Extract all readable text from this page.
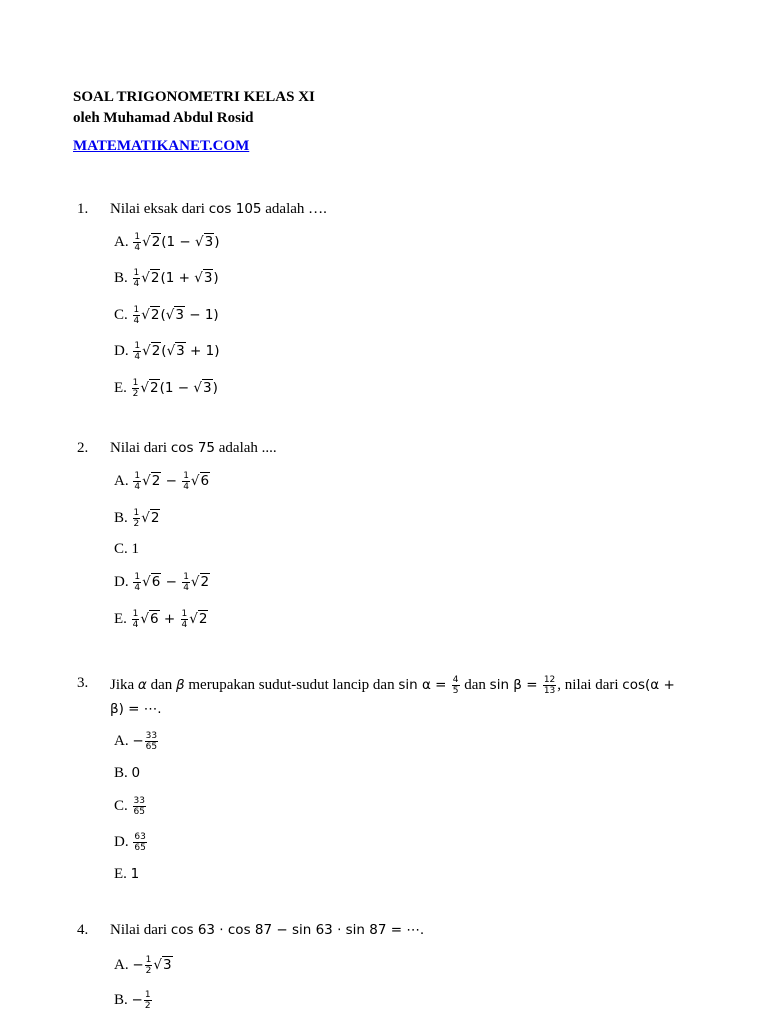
SOAL TRIGONOMETRI KELAS XI
oleh Muhamad Abdul Rosid
MATEMATIKANET.COM
1. Nilai eksak dari cos 105 adalah ….
A. $\frac{1}{4} √2(1 - √3)$
B. $\frac{1}{4} √2(1 + √3)$
C. $\frac{1}{4} √2(√3 - 1)$
D. $\frac{1}{4} √2(√3 + 1)$
E. $\frac{1}{2} √2(1 - √3)$
2. Nilai dari cos 75 adalah ....
A. $\frac{1}{4} √2 - \frac{1}{4} √6$
B. $\frac{1}{2} √2$
C. 1
D. $\frac{1}{4} √6 - \frac{1}{4} √2$
E. $\frac{1}{4} √6 + \frac{1}{4} √2$
3. Jika α dan β merupakan sudut-sudut lancip dan $\sin \alpha = \frac{4}{5}$ dan $\sin \beta = \frac{12}{13}$ , nilai dari cos(α +
β) = ⋯.
A. − $\frac{33}{65}$
B. 0
C. $\frac{33}{65}$
D. $\frac{63}{65}$
E. 1
4. Nilai dari cos 63 ⋅ cos 87 − sin 63 ⋅ sin 87 = ⋯.
A. − $\frac{1}{2} √3$
B. − $\frac{1}{2}$
